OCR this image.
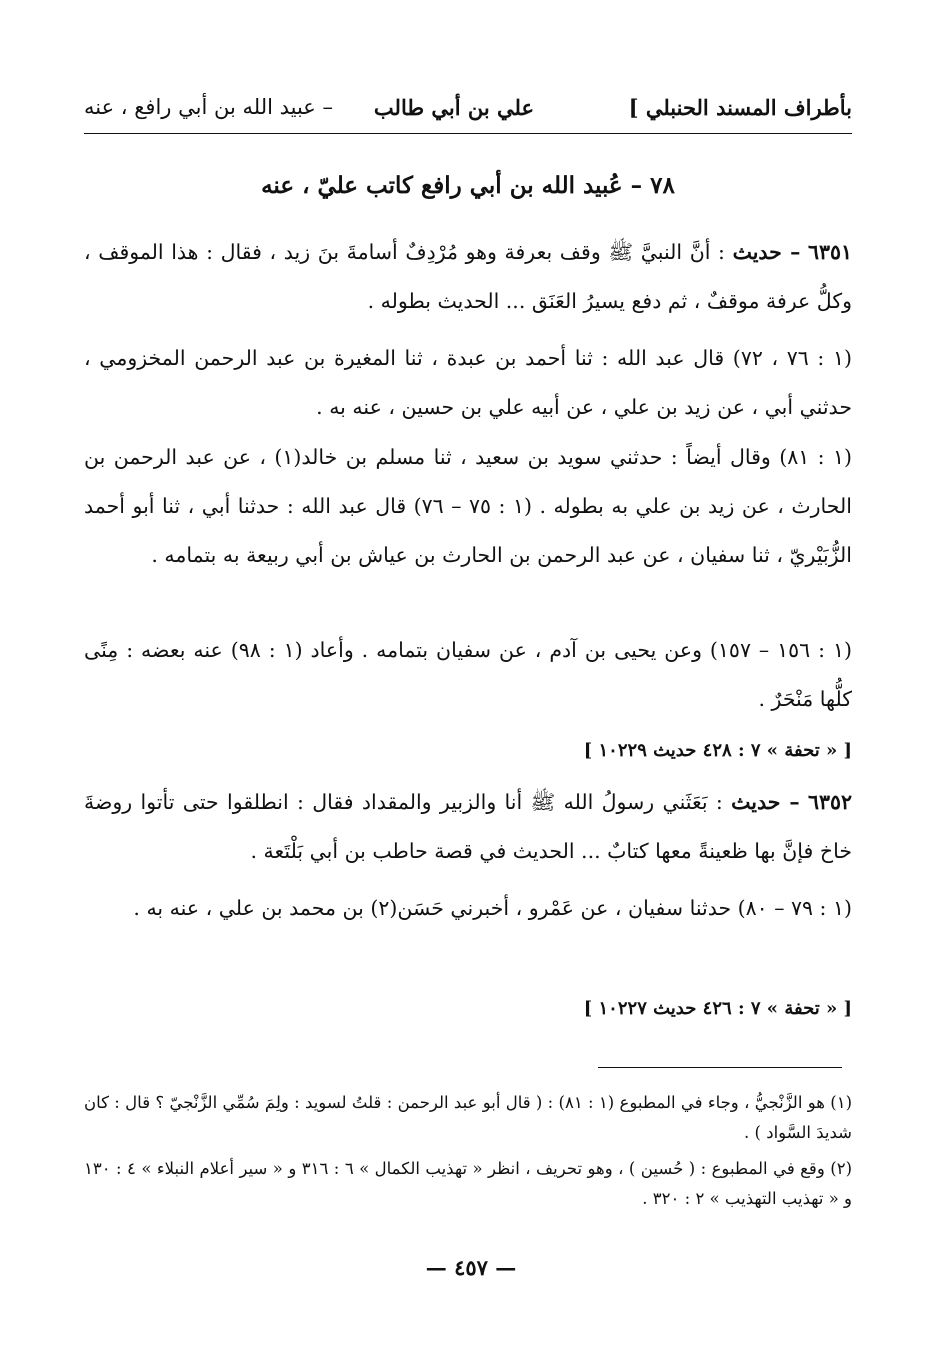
بأطراف المسند الحنبلي ]
علي بن أبي طالب
– عبيد الله بن أبي رافع ، عنه
٧٨ – عُبيد الله بن أبي رافع كاتب عليّ ، عنه

٦٣٥١ – حديث : أنَّ النبيَّ ﷺ وقف بعرفة وهو مُرْدِفٌ أسامةَ بنَ زيد ، فقال : هذا الموقف ، وكلُّ عرفة موقفٌ ، ثم دفع يسيرُ العَنَق ... الحديث بطوله .

(١ : ٧٦ ، ٧٢) قال عبد الله : ثنا أحمد بن عبدة ، ثنا المغيرة بن عبد الرحمن المخزومي ، حدثني أبي ، عن زيد بن علي ، عن أبيه علي بن حسين ، عنه به .
(١ : ٨١) وقال أيضاً : حدثني سويد بن سعيد ، ثنا مسلم بن خالد(١) ، عن عبد الرحمن بن الحارث ، عن زيد بن علي به بطوله . (١ : ٧٥ – ٧٦) قال عبد الله : حدثنا أبي ، ثنا أبو أحمد الزُّبَيْريّ ، ثنا سفيان ، عن عبد الرحمن بن الحارث بن عياش بن أبي ربيعة به بتمامه .
(١ : ١٥٦ – ١٥٧) وعن يحيى بن آدم ، عن سفيان بتمامه . وأعاد (١ : ٩٨) عنه بعضه : مِنًى كلُّها مَنْحَرٌ .
[ « تحفة » ٧ : ٤٢٨ حديث ١٠٢٢٩ ]

٦٣٥٢ – حديث : بَعَثَني رسولُ الله ﷺ أنا والزبير والمقداد فقال : انطلقوا حتى تأتوا روضةَ خاخ فإنَّ بها ظعينةً معها كتابٌ ... الحديث في قصة حاطب بن أبي بَلْتَعة .

(١ : ٧٩ – ٨٠) حدثنا سفيان ، عن عَمْرو ، أخبرني حَسَن(٢) بن محمد بن علي ، عنه به .
[ « تحفة » ٧ : ٤٢٦ حديث ١٠٢٢٧ ]

(١) هو الزَّنْجيُّ ، وجاء في المطبوع (١ : ٨١) : ( قال أبو عبد الرحمن : قلتُ لسويد : ولِمَ سُمِّي الزَّنْجيّ ؟ قال : كان شديدَ السَّواد ) .

(٢) وقع في المطبوع : ( حُسين ) ، وهو تحريف ، انظر « تهذيب الكمال » ٦ : ٣١٦ و « سير أعلام النبلاء » ٤ : ١٣٠ و « تهذيب التهذيب » ٢ : ٣٢٠ .

— ٤٥٧ —
